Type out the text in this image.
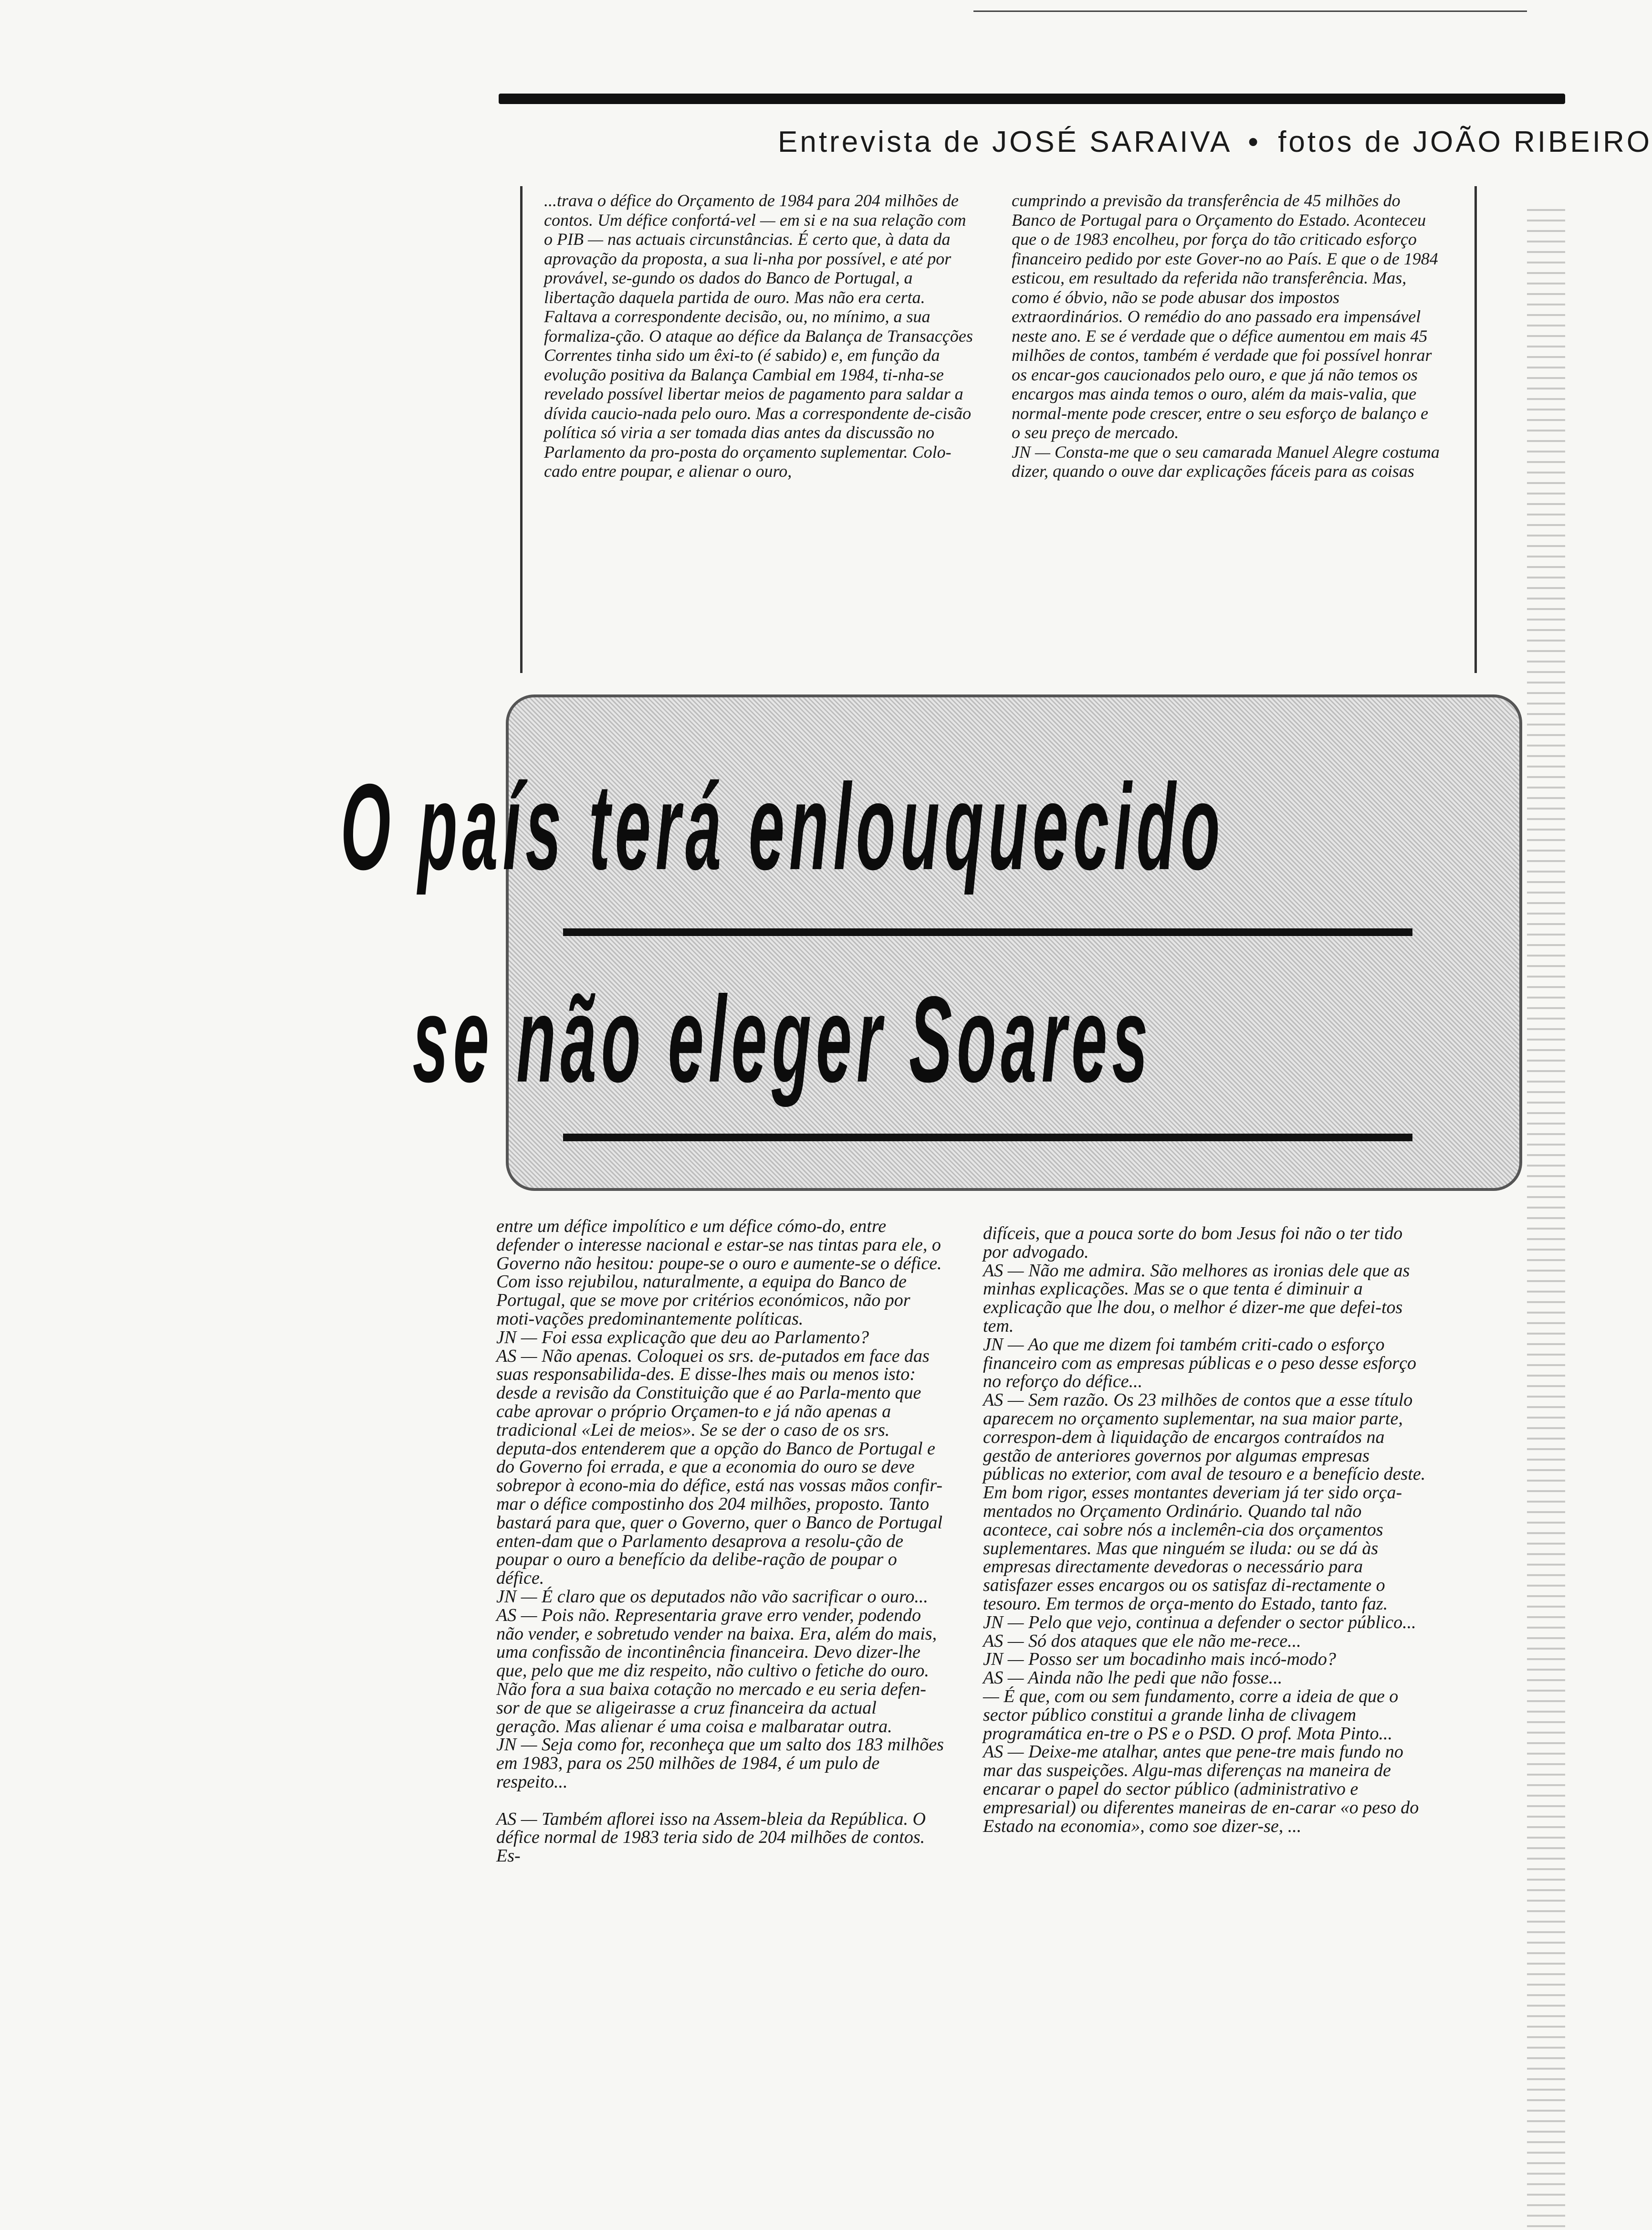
Entrevista de JOSÉ SARAIVA • fotos de JOÃO RIBEIRO
...trava o défice do Orçamento de 1984 para 204 milhões de contos. Um défice confortá-vel — em si e na sua relação com o PIB — nas actuais circunstâncias. É certo que, à data da aprovação da proposta, a sua li-nha por possível, e até por provável, se-gundo os dados do Banco de Portugal, a libertação daquela partida de ouro. Mas não era certa. Faltava a correspondente decisão, ou, no mínimo, a sua formaliza-ção. O ataque ao défice da Balança de Transacções Correntes tinha sido um êxi-to (é sabido) e, em função da evolução positiva da Balança Cambial em 1984, ti-nha-se revelado possível libertar meios de pagamento para saldar a dívida caucio-nada pelo ouro. Mas a correspondente de-cisão política só viria a ser tomada dias antes da discussão no Parlamento da pro-posta do orçamento suplementar. Colo-cado entre poupar, e alienar o ouro,
cumprindo a previsão da transferência de 45 milhões do Banco de Portugal para o Orçamento do Estado. Aconteceu que o de 1983 encolheu, por força do tão criticado esforço financeiro pedido por este Gover-no ao País. E que o de 1984 esticou, em resultado da referida não transferência. Mas, como é óbvio, não se pode abusar dos impostos extraordinários. O remédio do ano passado era impensável neste ano. E se é verdade que o défice aumentou em mais 45 milhões de contos, também é verdade que foi possível honrar os encar-gos caucionados pelo ouro, e que já não temos os encargos mas ainda temos o ouro, além da mais-valia, que normal-mente pode crescer, entre o seu esforço de balanço e o seu preço de mercado.
JN — Consta-me que o seu camarada Manuel Alegre costuma dizer, quando o ouve dar explicações fáceis para as coisas
O país terá enlouquecido
se não eleger Soares
entre um défice impolítico e um défice cómo-do, entre defender o interesse nacional e estar-se nas tintas para ele, o Governo não hesitou: poupe-se o ouro e aumente-se o défice. Com isso rejubilou, naturalmente, a equipa do Banco de Portugal, que se move por critérios económicos, não por moti-vações predominantemente políticas.
JN — Foi essa explicação que deu ao Parlamento?
AS — Não apenas. Coloquei os srs. de-putados em face das suas responsabilida-des. E disse-lhes mais ou menos isto: desde a revisão da Constituição que é ao Parla-mento que cabe aprovar o próprio Orçamen-to e já não apenas a tradicional «Lei de meios». Se se der o caso de os srs. deputa-dos entenderem que a opção do Banco de Portugal e do Governo foi errada, e que a economia do ouro se deve sobrepor à econo-mia do défice, está nas vossas mãos confir-mar o défice compostinho dos 204 milhões, proposto. Tanto bastará para que, quer o Governo, quer o Banco de Portugal enten-dam que o Parlamento desaprova a resolu-ção de poupar o ouro a benefício da delibe-ração de poupar o défice.
JN — É claro que os deputados não vão sacrificar o ouro...
AS — Pois não. Representaria grave erro vender, podendo não vender, e sobretudo vender na baixa. Era, além do mais, uma confissão de incontinência financeira. Devo dizer-lhe que, pelo que me diz respeito, não cultivo o fetiche do ouro. Não fora a sua baixa cotação no mercado e eu seria defen-sor de que se aligeirasse a cruz financeira da actual geração. Mas alienar é uma coisa e malbaratar outra.
JN — Seja como for, reconheça que um salto dos 183 milhões em 1983, para os 250 milhões de 1984, é um pulo de respeito...

AS — Também aflorei isso na Assem-bleia da República. O défice normal de 1983 teria sido de 204 milhões de contos. Es-
difíceis, que a pouca sorte do bom Jesus foi não o ter tido por advogado.
AS — Não me admira. São melhores as ironias dele que as minhas explicações. Mas se o que tenta é diminuir a explicação que lhe dou, o melhor é dizer-me que defei-tos tem.
JN — Ao que me dizem foi também criti-cado o esforço financeiro com as empresas públicas e o peso desse esforço no reforço do défice...
AS — Sem razão. Os 23 milhões de contos que a esse título aparecem no orçamento suplementar, na sua maior parte, correspon-dem à liquidação de encargos contraídos na gestão de anteriores governos por algumas empresas públicas no exterior, com aval de tesouro e a benefício deste. Em bom rigor, esses montantes deveriam já ter sido orça-mentados no Orçamento Ordinário. Quando tal não acontece, cai sobre nós a inclemên-cia dos orçamentos suplementares. Mas que ninguém se iluda: ou se dá às empresas directamente devedoras o necessário para satisfazer esses encargos ou os satisfaz di-rectamente o tesouro. Em termos de orça-mento do Estado, tanto faz.
JN — Pelo que vejo, continua a defender o sector público...
AS — Só dos ataques que ele não me-rece...
JN — Posso ser um bocadinho mais incó-modo?
AS — Ainda não lhe pedi que não fosse...
— É que, com ou sem fundamento, corre a ideia de que o sector público constitui a grande linha de clivagem programática en-tre o PS e o PSD. O prof. Mota Pinto...
AS — Deixe-me atalhar, antes que pene-tre mais fundo no mar das suspeições. Algu-mas diferenças na maneira de encarar o papel do sector público (administrativo e empresarial) ou diferentes maneiras de en-carar «o peso do Estado na economia», como soe dizer-se, ...
